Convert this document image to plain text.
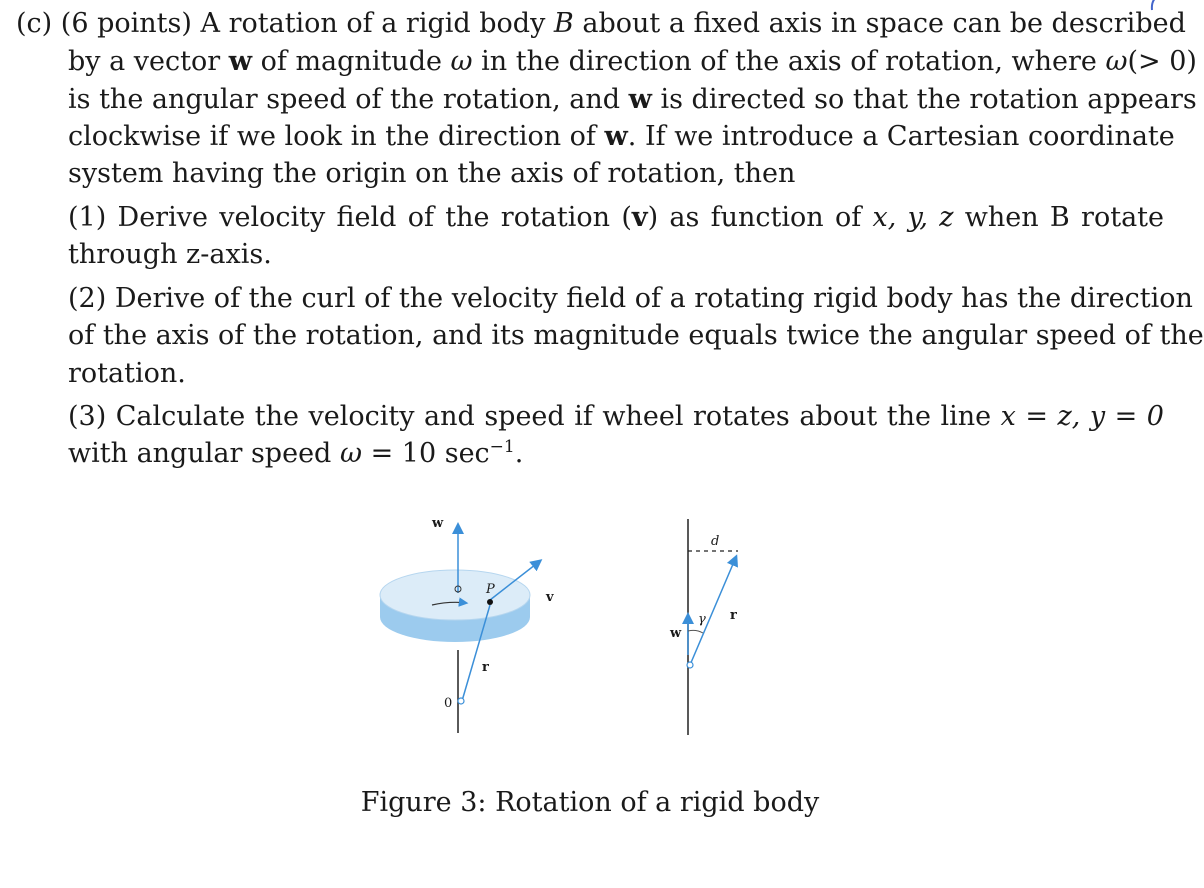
(c) (6 points) A rotation of a rigid body B about a fixed axis in space can be described
by a vector w of magnitude ω in the direction of the axis of rotation, where ω(> 0)
is the angular speed of the rotation, and w is directed so that the rotation appears
clockwise if we look in the direction of w. If we introduce a Cartesian coordinate
system having the origin on the axis of rotation, then
(1) Derive velocity field of the rotation (v) as function of x, y, z when B rotate
through z-axis.
(2) Derive of the curl of the velocity field of a rotating rigid body has the direction
of the axis of the rotation, and its magnitude equals twice the angular speed of the
rotation.
(3) Calculate the velocity and speed if wheel rotates about the line x = z, y = 0
with angular speed ω = 10 $\sec^{-1}$.
w
P
v
r
0
d
γ r
w
Figure 3: Rotation of a rigid body
